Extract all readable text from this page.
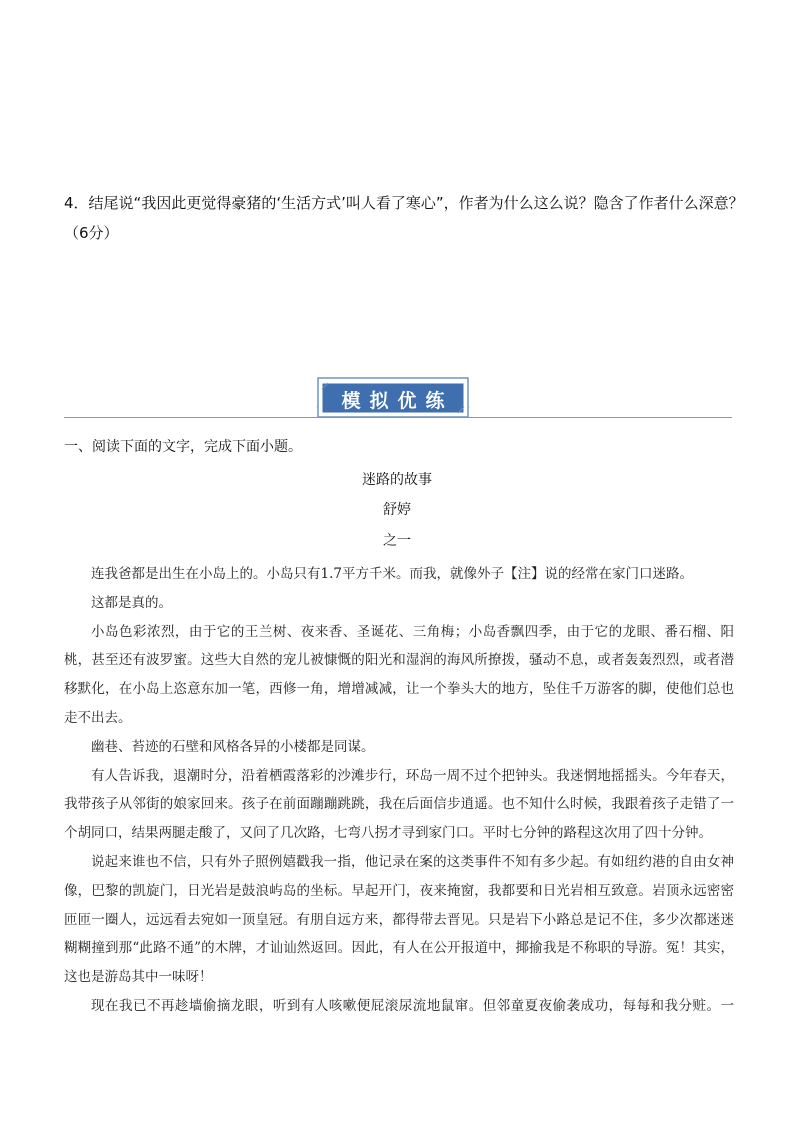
4．结尾说“我因此更觉得豪猪的‘生活方式’叫人看了寒心”，作者为什么这么说？隐含了作者什么深意？
（6分）
模拟优练
一、阅读下面的文字，完成下面小题。
迷路的故事
舒婷
之一

连我爸都是出生在小岛上的。小岛只有1.7平方千米。而我，就像外子【注】说的经常在家门口迷路。

这都是真的。

小岛色彩浓烈，由于它的王兰树、夜来香、圣诞花、三角梅；小岛香飘四季，由于它的龙眼、番石榴、阳桃，甚至还有波罗蜜。这些大自然的宠儿被慷慨的阳光和湿润的海风所撩拨，骚动不息，或者轰轰烈烈，或者潜移默化，在小岛上恣意东加一笔，西修一角，增增减减，让一个拳头大的地方，坠住千万游客的脚，使他们总也走不出去。

幽巷、苔迹的石壁和风格各异的小楼都是同谋。

有人告诉我，退潮时分，沿着栖霞落彩的沙滩步行，环岛一周不过个把钟头。我迷惘地摇摇头。今年春天，我带孩子从邻街的娘家回来。孩子在前面蹦蹦跳跳，我在后面信步逍遥。也不知什么时候，我跟着孩子走错了一个胡同口，结果两腿走酸了，又问了几次路，七弯八拐才寻到家门口。平时七分钟的路程这次用了四十分钟。

说起来谁也不信，只有外子照例嬉戳我一指，他记录在案的这类事件不知有多少起。有如纽约港的自由女神像，巴黎的凯旋门，日光岩是鼓浪屿岛的坐标。早起开门，夜来掩窗，我都要和日光岩相互致意。岩顶永远密密匝匝一圈人，远远看去宛如一顶皇冠。有朋自远方来，都得带去晋见。只是岩下小路总是记不住，多少次都迷迷糊糊撞到那“此路不通”的木牌，才讪讪然返回。因此，有人在公开报道中，揶揄我是不称职的导游。冤！其实，这也是游岛其中一味呀！

现在我已不再趁墙偷摘龙眼，听到有人咳嗽便屁滚尿流地鼠窜。但邻童夏夜偷袭成功，每每和我分赃。一
